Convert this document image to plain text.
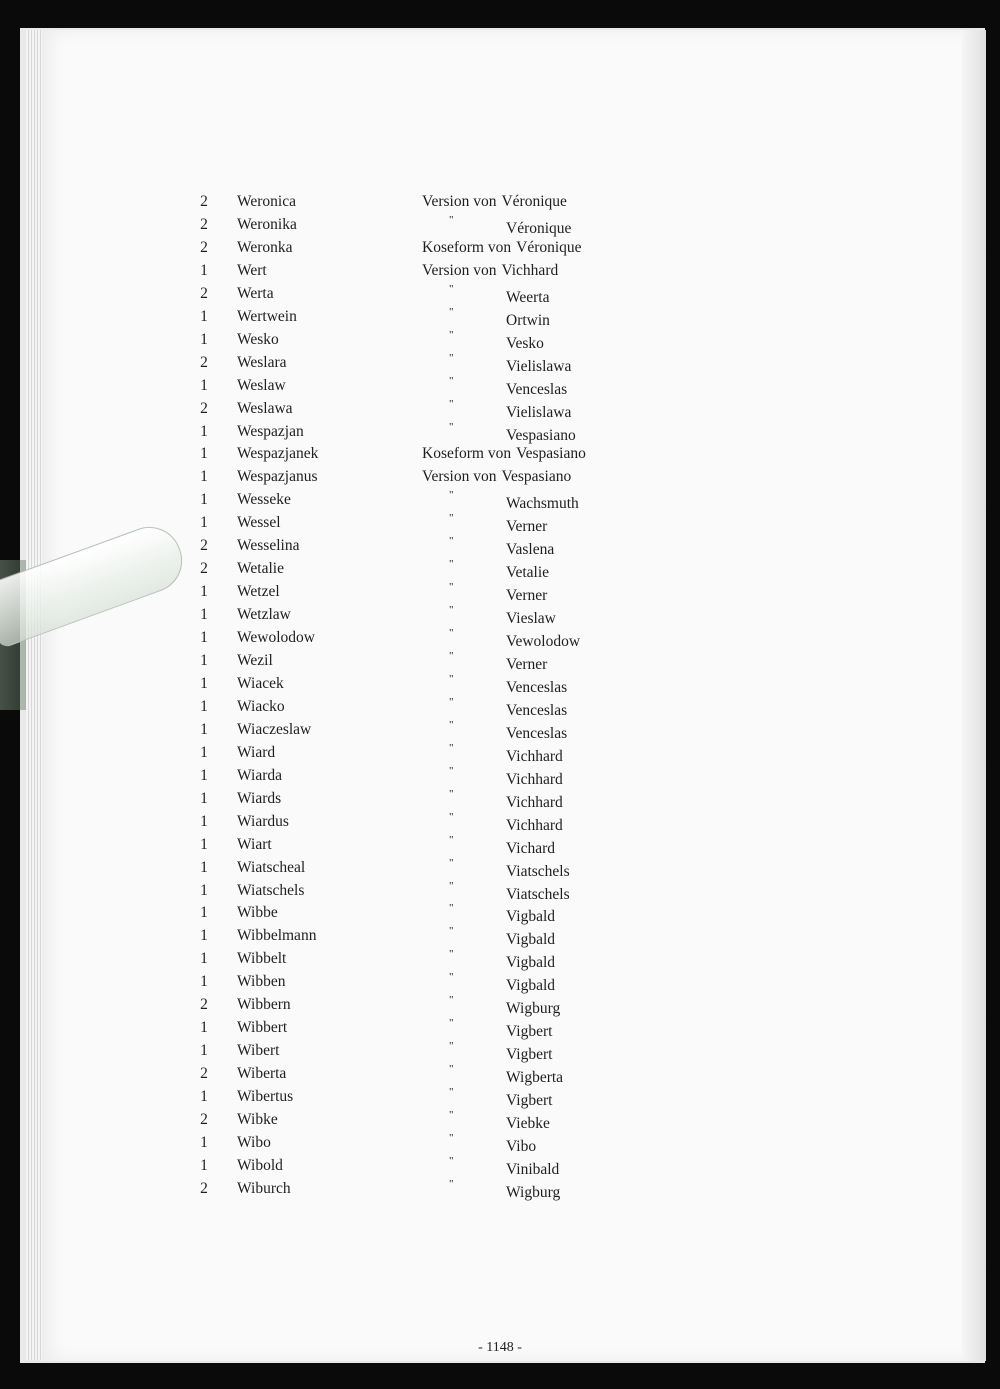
2 Weronica	Version von Véronique
2 Weronika	"	Véronique
2 Weronka	Koseform von Véronique
1 Wert	Version von Vichhard
2 Werta	"	Weerta
1 Wertwein	"	Ortwin
1 Wesko	"	Vesko
2 Weslara	"	Vielislawa
1 Weslaw	"	Venceslas
2 Weslawa	"	Vielislawa
1 Wespazjan	"	Vespasiano
1 Wespazjanek	Koseform von Vespasiano
1 Wespazjanus	Version von Vespasiano
1 Wesseke	"	Wachsmuth
1 Wessel	"	Verner
2 Wesselina	"	Vaslena
2 Wetalie	"	Vetalie
1 Wetzel	"	Verner
1 Wetzlaw	"	Vieslaw
1 Wewolodow	"	Vewolodow
1 Wezil	"	Verner
1 Wiacek	"	Venceslas
1 Wiacko	"	Venceslas
1 Wiaczeslaw	"	Venceslas
1 Wiard	"	Vichhard
1 Wiarda	"	Vichhard
1 Wiards	"	Vichhard
1 Wiardus	"	Vichhard
1 Wiart	"	Vichard
1 Wiatscheal	"	Viatschels
1 Wiatschels	"	Viatschels
1 Wibbe	"	Vigbald
1 Wibbelmann	"	Vigbald
1 Wibbelt	"	Vigbald
1 Wibben	"	Vigbald
2 Wibbern	"	Wigburg
1 Wibbert	"	Vigbert
1 Wibert	"	Vigbert
2 Wiberta	"	Wigberta
1 Wibertus	"	Vigbert
2 Wibke	"	Viebke
1 Wibo	"	Vibo
1 Wibold	"	Vinibald
2 Wiburch	"	Wigburg
- 1148 -
